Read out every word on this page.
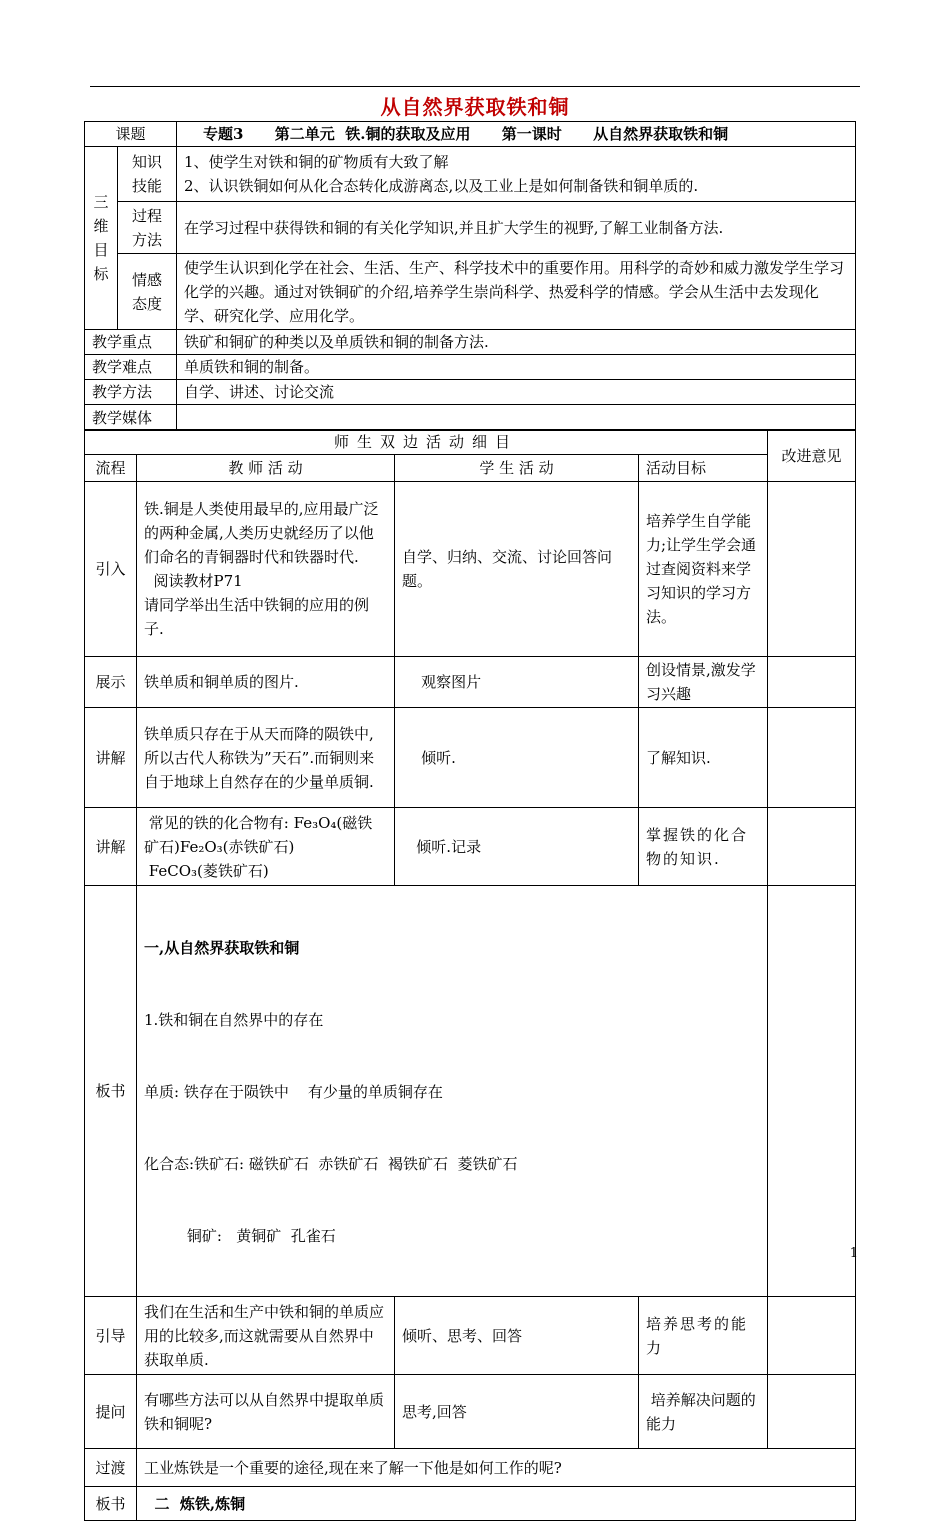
从自然界获取铁和铜
课题		专题3      第二单元  铁.铜的获取及应用      第一课时      从自然界获取铁和铜
三
维
目
标	知识技能	1、使学生对铁和铜的矿物质有大致了解
2、认识铁铜如何从化合态转化成游离态,以及工业上是如何制备铁和铜单质的.
	过程方法	在学习过程中获得铁和铜的有关化学知识,并且扩大学生的视野,了解工业制备方法.
	情感态度	使学生认识到化学在社会、生活、生产、科学技术中的重要作用。用科学的奇妙和威力激发学生学习化学的兴趣。通过对铁铜矿的介绍,培养学生崇尚科学、热爱科学的情感。学会从生活中去发现化学、研究化学、应用化学。
教学重点		铁矿和铜矿的种类以及单质铁和铜的制备方法.
教学难点		单质铁和铜的制备。
教学方法		自学、讲述、讨论交流
教学媒体		
师生双边活动细目				改进意见
流程	教 师 活 动	学 生 活 动	活动目标	
引入	铁.铜是人类使用最早的,应用最广泛的两种金属,人类历史就经历了以他们命名的青铜器时代和铁器时代.
阅读教材P71
请同学举出生活中铁铜的应用的例子.	自学、归纳、交流、讨论回答问题。	培养学生自学能力;让学生学会通过查阅资料来学习知识的学习方法。	
展示	铁单质和铜单质的图片.	观察图片	创设情景,激发学习兴趣	
讲解	铁单质只存在于从天而降的陨铁中,所以古代人称铁为”天石”.而铜则来自于地球上自然存在的少量单质铜.	倾听.	了解知识.	
讲解	常见的铁的化合物有: Fe₃O₄(磁铁矿石)Fe₂O₃(赤铁矿石)
FeCO₃(菱铁矿石)	倾听.记录	掌握铁的化合物的知识.	
板书	一,从自然界获取铁和铜

1.铁和铜在自然界中的存在

单质: 铁存在于陨铁中    有少量的单质铜存在

化合态:铁矿石: 磁铁矿石  赤铁矿石  褐铁矿石  菱铁矿石

铜矿:   黄铜矿  孔雀石			

引导	我们在生活和生产中铁和铜的单质应用的比较多,而这就需要从自然界中获取单质.	倾听、思考、回答	培养思考的能力	
提问	有哪些方法可以从自然界中提取单质铁和铜呢?	思考,回答	培养解决问题的能力	
过渡	工业炼铁是一个重要的途径,现在来了解一下他是如何工作的呢?			
板书	二  炼铁,炼铜			
1
